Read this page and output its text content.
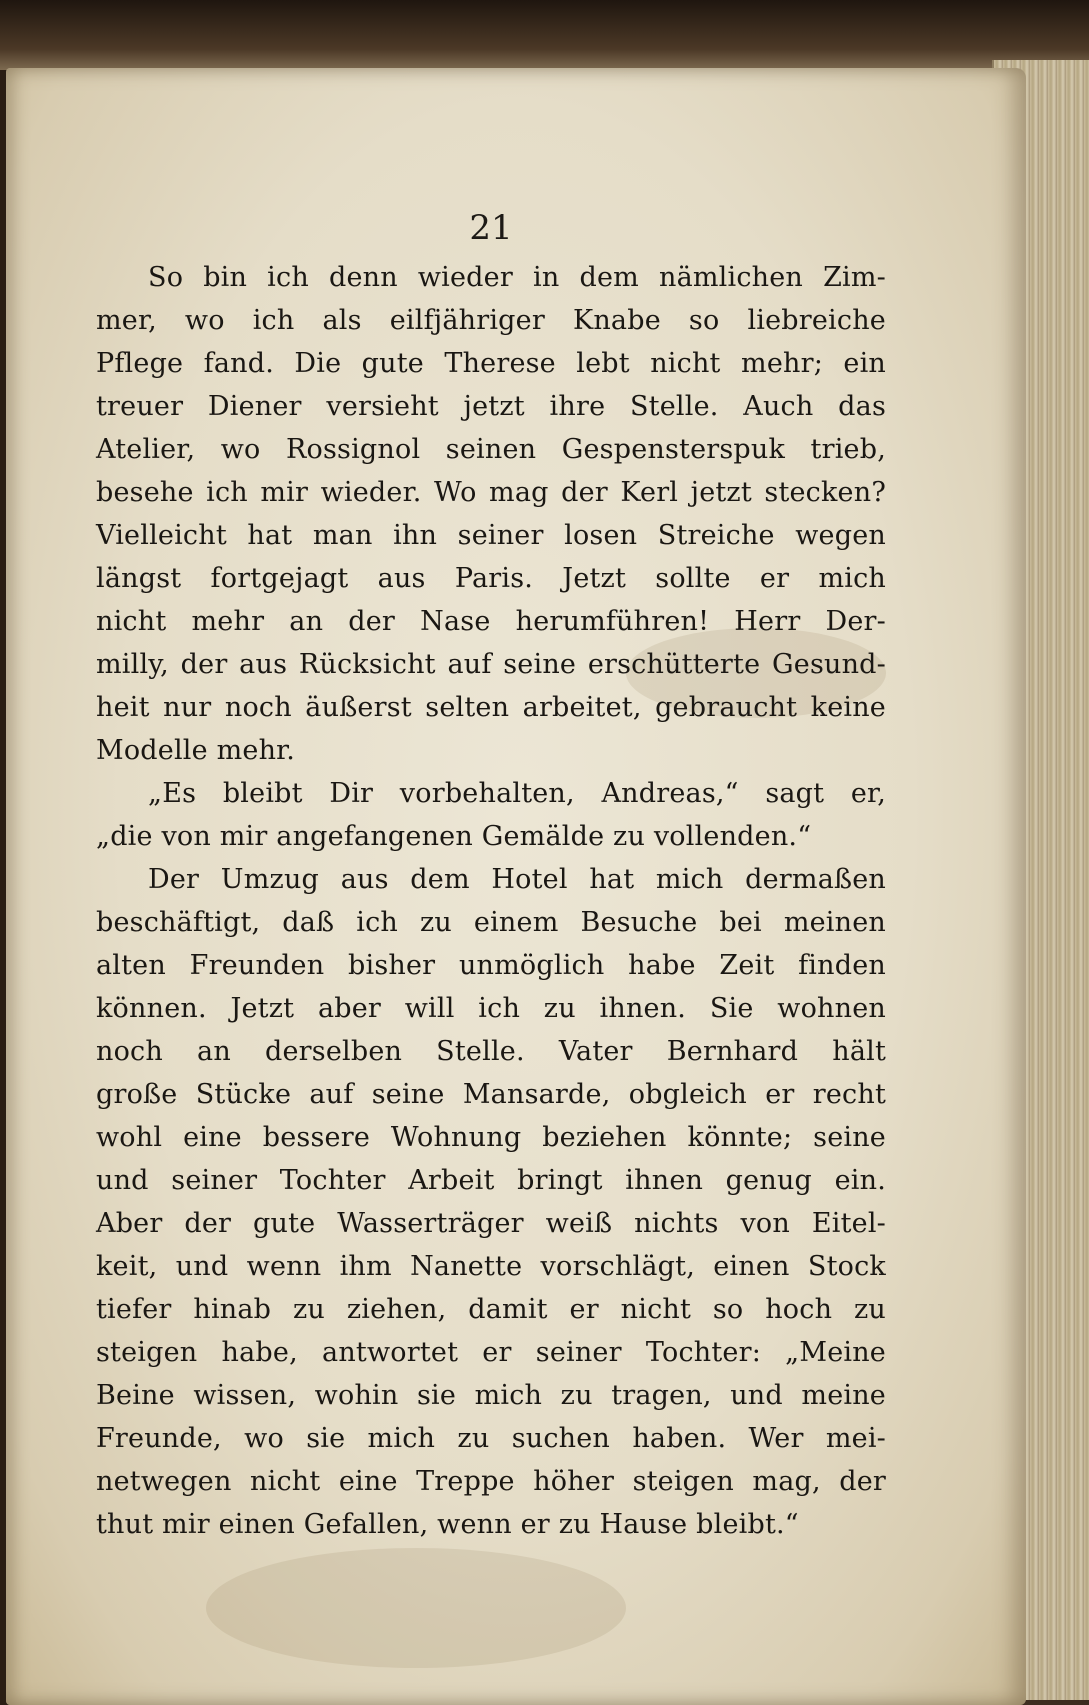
21
So bin ich denn wieder in dem nämlichen Zim-
mer, wo ich als eilfjähriger Knabe so liebreiche
Pflege fand. Die gute Therese lebt nicht mehr; ein
treuer Diener versieht jetzt ihre Stelle. Auch das
Atelier, wo Rossignol seinen Gespensterspuk trieb,
besehe ich mir wieder. Wo mag der Kerl jetzt stecken?
Vielleicht hat man ihn seiner losen Streiche wegen
längst fortgejagt aus Paris. Jetzt sollte er mich
nicht mehr an der Nase herumführen! Herr Der-
milly, der aus Rücksicht auf seine erschütterte Gesund-
heit nur noch äußerst selten arbeitet, gebraucht keine
Modelle mehr.
„Es bleibt Dir vorbehalten, Andreas,“ sagt er,
„die von mir angefangenen Gemälde zu vollenden.“
Der Umzug aus dem Hotel hat mich dermaßen
beschäftigt, daß ich zu einem Besuche bei meinen
alten Freunden bisher unmöglich habe Zeit finden
können. Jetzt aber will ich zu ihnen. Sie wohnen
noch an derselben Stelle. Vater Bernhard hält
große Stücke auf seine Mansarde, obgleich er recht
wohl eine bessere Wohnung beziehen könnte; seine
und seiner Tochter Arbeit bringt ihnen genug ein.
Aber der gute Wasserträger weiß nichts von Eitel-
keit, und wenn ihm Nanette vorschlägt, einen Stock
tiefer hinab zu ziehen, damit er nicht so hoch zu
steigen habe, antwortet er seiner Tochter: „Meine
Beine wissen, wohin sie mich zu tragen, und meine
Freunde, wo sie mich zu suchen haben. Wer mei-
netwegen nicht eine Treppe höher steigen mag, der
thut mir einen Gefallen, wenn er zu Hause bleibt.“
